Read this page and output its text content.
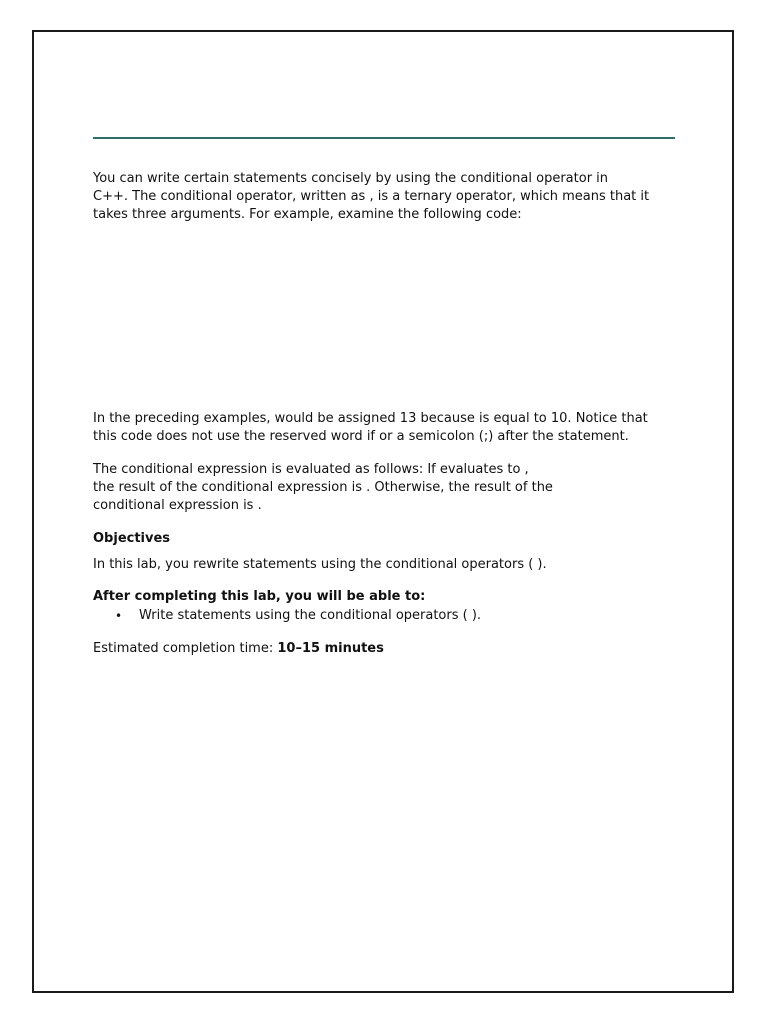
You can write certain statements concisely by using the conditional operator in
C++. The conditional operator, written as , is a ternary operator, which means that it
takes three arguments. For example, examine the following code:
In the preceding examples, would be assigned 13 because is equal to 10. Notice that
this code does not use the reserved word if or a semicolon (;) after the statement.
The conditional expression is evaluated as follows: If evaluates to ,
the result of the conditional expression is . Otherwise, the result of the
conditional expression is .
Objectives
In this lab, you rewrite statements using the conditional operators ( ).
After completing this lab, you will be able to:
• Write statements using the conditional operators ( ).
Estimated completion time: 10–15 minutes
